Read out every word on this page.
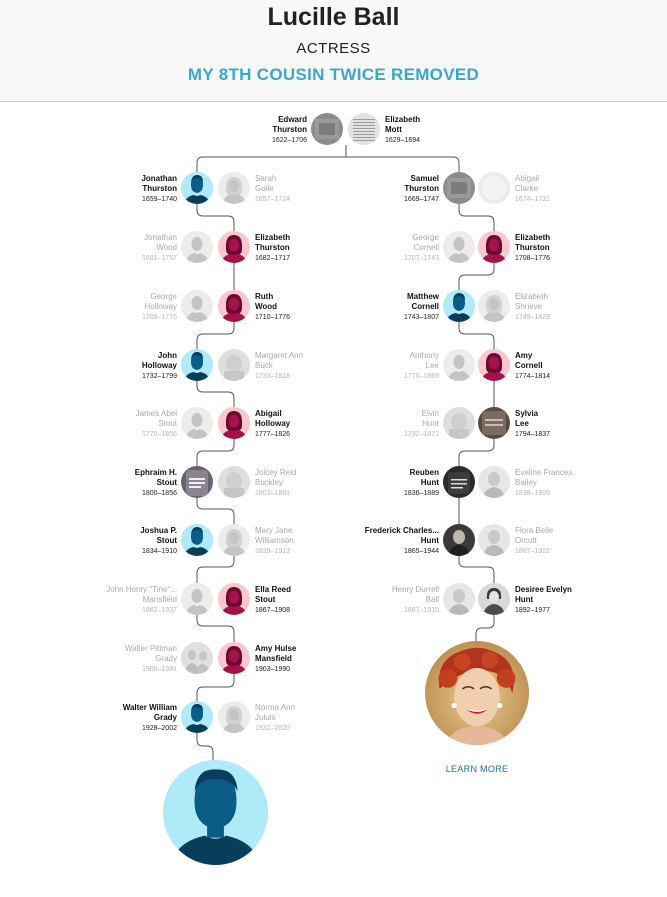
Lucille Ball
ACTRESS
MY 8TH COUSIN TWICE REMOVED
Edward
Thurston
1622–1706
Elizabeth
Mott
1629–1694
Jonathan
Thurston
1659–1740
Sarah
Guile
1657–1724
Jonathan
Wood
1681–1757
Elizabeth
Thurston
1682–1717
George
Holloway
1709–1776
Ruth
Wood
1710–1776
John
Holloway
1732–1799
Margaret Ann
Buck
1733–1818
James Abel
Stout
1770–1856
Abigail
Holloway
1777–1826
Ephraim H.
Stout
1800–1856
Joicey Reid
Buckley
1803–1881
Joshua P.
Stout
1834–1910
Mary Jane
Williamson
1839–1913
John Henry "Tine"...
Mansfield
1862–1937
Ella Reed
Stout
1867–1908
Walter Pittman
Grady
1900–1981
Amy Hulse
Mansfield
1903–1990
Walter William
Grady
1928–2002
Norma Ann
Juluis
1932–2020
Samuel
Thurston
1669–1747
Abigail
Clarke
1674–1731
George
Cornell
1707–1743
Elizabeth
Thurston
1708–1776
Matthew
Cornell
1743–1807
Elizabeth
Shrieve
1749–1829
Anthony
Lee
1770–1869
Amy
Cornell
1774–1814
Elvin
Hunt
1792–1871
Sylvia
Lee
1794–1837
Reuben
Hunt
1836–1889
Eveline Frances
Bailey
1838–1909
Frederick Charles...
Hunt
1865–1944
Flora Belle
Orcutt
1867–1922
Henry Durrell
Ball
1887–1915
Desiree Evelyn
Hunt
1892–1977
LEARN MORE
